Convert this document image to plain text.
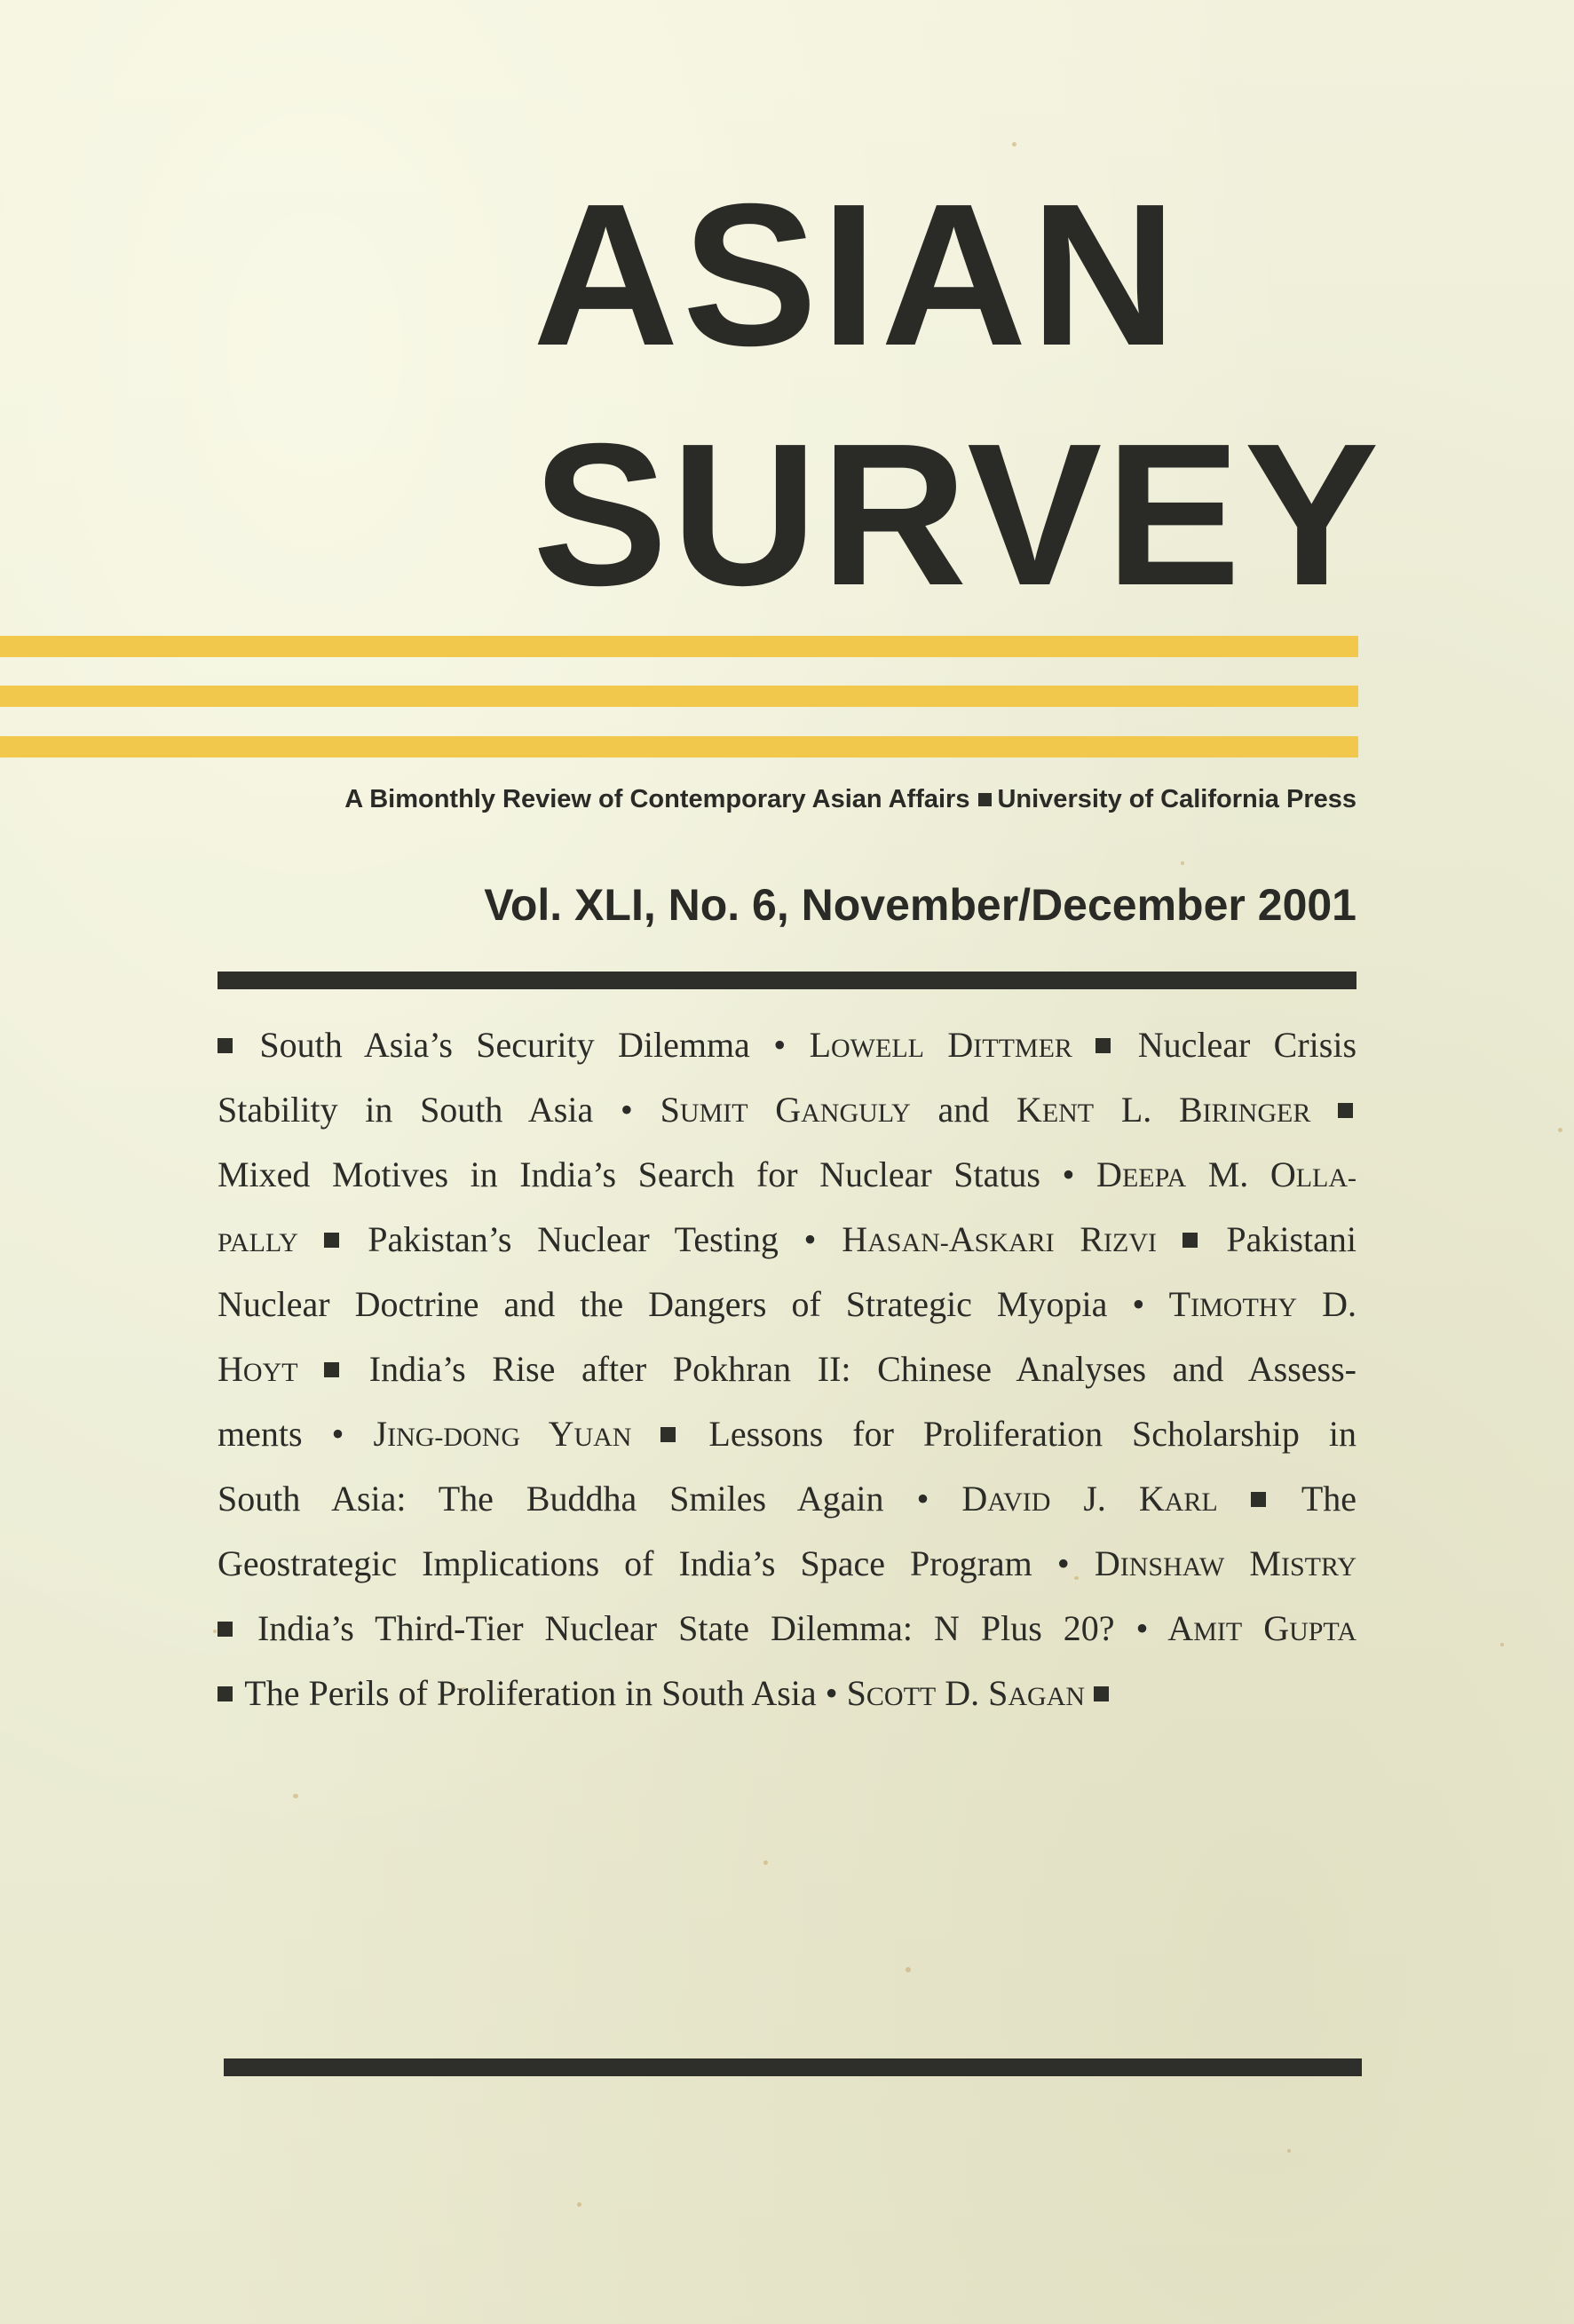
ASIAN
SURVEY
A Bimonthly Review of Contemporary Asian Affairs University of California Press
Vol. XLI, No. 6, November/December 2001
South Asia’s Security Dilemma • LOWELL DITTMER  Nuclear Crisis
Stability in South Asia • SUMIT GANGULY and KENT L. BIRINGER
Mixed Motives in India’s Search for Nuclear Status • DEEPA M. OLLA-
PALLY  Pakistan’s Nuclear Testing • HASAN-ASKARI RIZVI  Pakistani
Nuclear Doctrine and the Dangers of Strategic Myopia • TIMOTHY D.
HOYT  India’s Rise after Pokhran II: Chinese Analyses and Assess-
ments • JING-DONG YUAN  Lessons for Proliferation Scholarship in
South Asia: The Buddha Smiles Again • DAVID J. KARL  The
Geostrategic Implications of India’s Space Program • DINSHAW MISTRY
India’s Third-Tier Nuclear State Dilemma: N Plus 20? • AMIT GUPTA
The Perils of Proliferation in South Asia • SCOTT D. SAGAN
